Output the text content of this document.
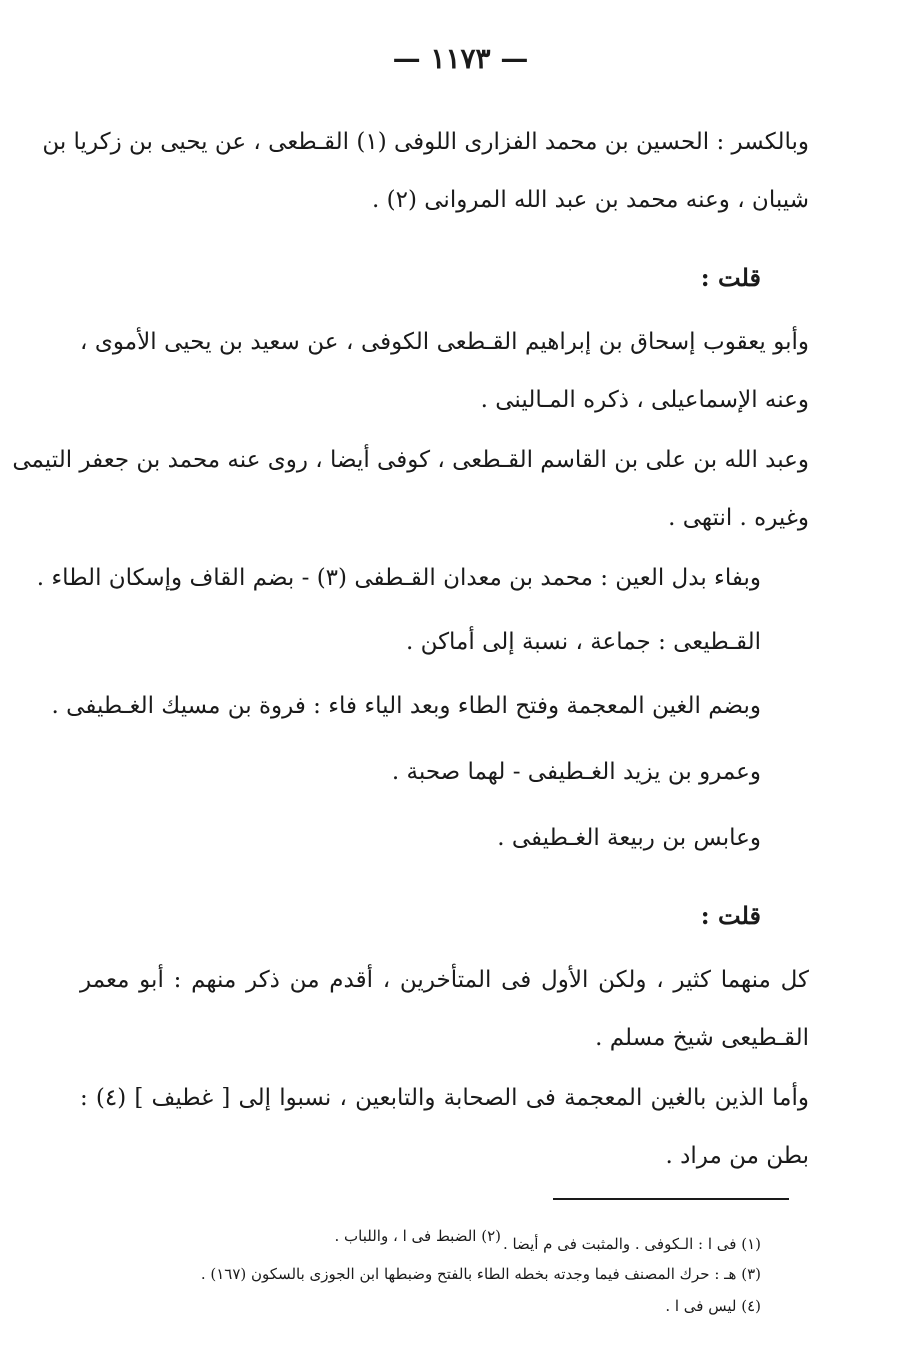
— ١١٧٣ —
وبالكسر : الحسين بن محمد الفزارى اللوفى (١) القـطعى ، عن يحيى بن زكريا بن
شيبان ، وعنه محمد بن عبد الله المروانى (٢) .
قلت :
وأبو يعقوب إسحاق بن إبراهيم القـطعى الكوفى ، عن سعيد بن يحيى الأموى ،
وعنه الإسماعيلى ، ذكره المـالينى .
وعبد الله بن على بن القاسم القـطعى ، كوفى أيضا ، روى عنه محمد بن جعفر التيمى
وغيره . انتهى .
وبفاء بدل العين : محمد بن معدان القـطفى (٣) - بضم القاف وإسكان الطاء .
القـطيعى : جماعة ، نسبة إلى أماكن .
وبضم الغين المعجمة وفتح الطاء وبعد الياء فاء : فروة بن مسيك الغـطيفى .
وعمرو بن يزيد الغـطيفى - لهما صحبة .
وعابس بن ربيعة الغـطيفى .
قلت :
كل منهما كثير ، ولكن الأول فى المتأخرين ، أقدم من ذكر منهم : أبو معمر
القـطيعى شيخ مسلم .
وأما الذين بالغين المعجمة فى الصحابة والتابعين ، نسبوا إلى [ غطيف ] (٤) :
بطن من مراد .
(١) فى ا : الـكوفى . والمثبت فى م أيضا .
(٢) الضبط فى ا ، واللباب .
(٣) هـ : حرك المصنف فيما وجدته بخطه الطاء بالفتح وضبطها ابن الجوزى بالسكون (١٦٧) .
(٤) ليس فى ا .
